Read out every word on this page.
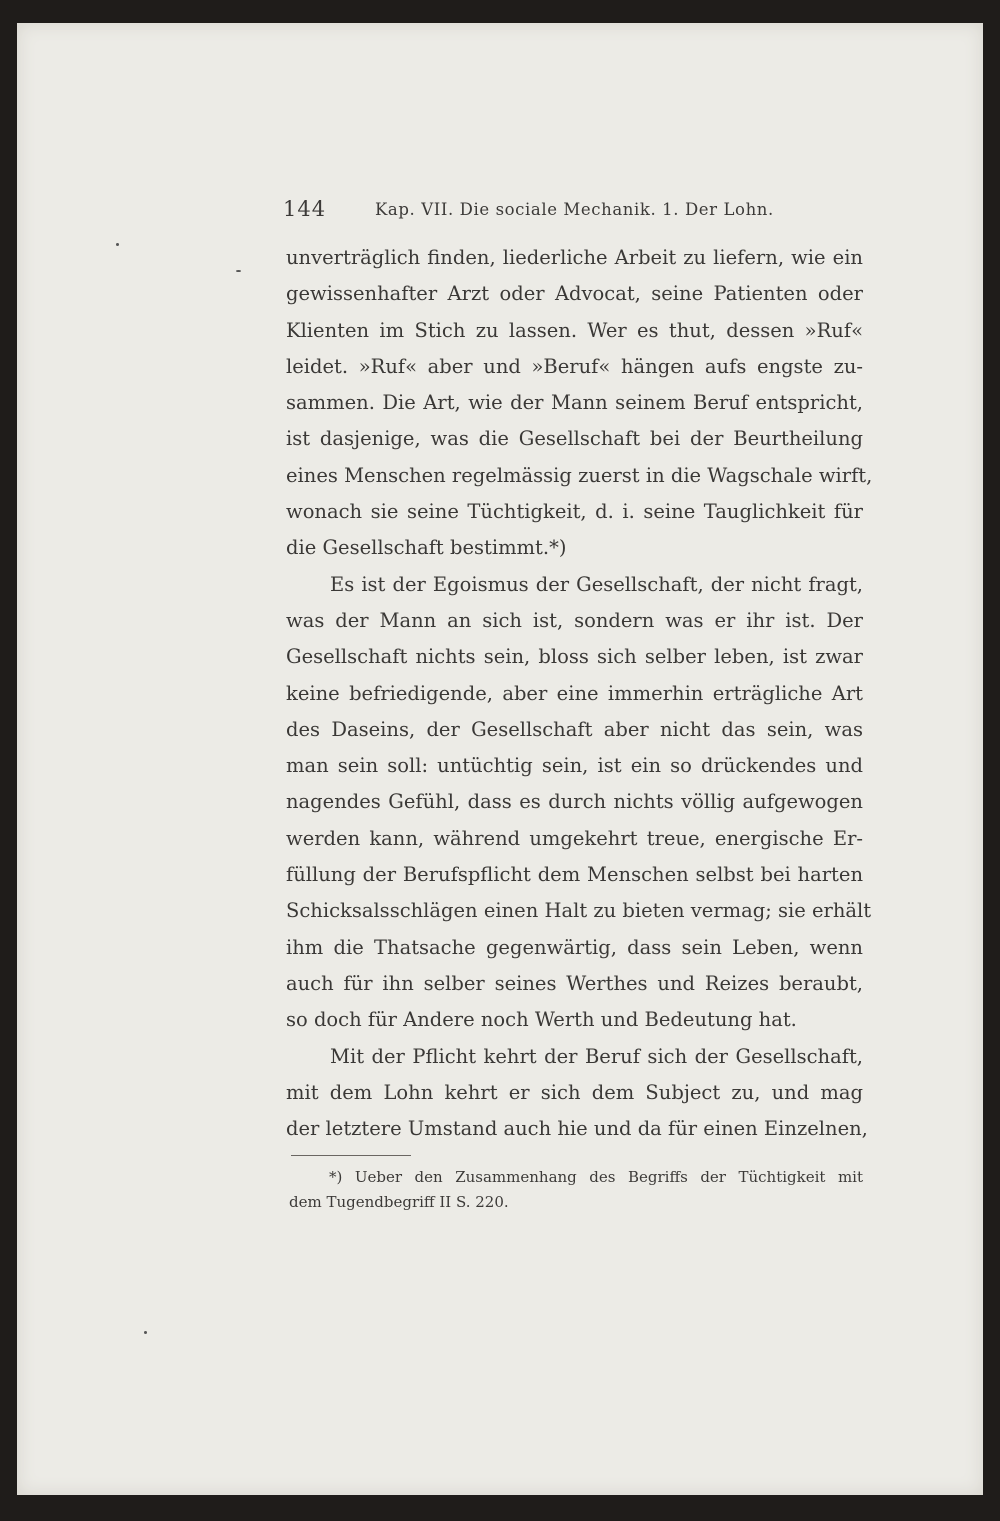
144	Kap. VII. Die sociale Mechanik. 1. Der Lohn.
unverträglich finden, liederliche Arbeit zu liefern, wie ein
gewissenhafter Arzt oder Advocat, seine Patienten oder
Klienten im Stich zu lassen. Wer es thut, dessen »Ruf«
leidet. »Ruf« aber und »Beruf« hängen aufs engste zu-
sammen. Die Art, wie der Mann seinem Beruf entspricht,
ist dasjenige, was die Gesellschaft bei der Beurtheilung
eines Menschen regelmässig zuerst in die Wagschale wirft,
wonach sie seine Tüchtigkeit, d. i. seine Tauglichkeit für
die Gesellschaft bestimmt.*)
Es ist der Egoismus der Gesellschaft, der nicht fragt,
was der Mann an sich ist, sondern was er ihr ist. Der
Gesellschaft nichts sein, bloss sich selber leben, ist zwar
keine befriedigende, aber eine immerhin erträgliche Art
des Daseins, der Gesellschaft aber nicht das sein, was
man sein soll: untüchtig sein, ist ein so drückendes und
nagendes Gefühl, dass es durch nichts völlig aufgewogen
werden kann, während umgekehrt treue, energische Er-
füllung der Berufspflicht dem Menschen selbst bei harten
Schicksalsschlägen einen Halt zu bieten vermag; sie erhält
ihm die Thatsache gegenwärtig, dass sein Leben, wenn
auch für ihn selber seines Werthes und Reizes beraubt,
so doch für Andere noch Werth und Bedeutung hat.
Mit der Pflicht kehrt der Beruf sich der Gesellschaft,
mit dem Lohn kehrt er sich dem Subject zu, und mag
der letztere Umstand auch hie und da für einen Einzelnen,
*) Ueber den Zusammenhang des Begriffs der Tüchtigkeit mit
dem Tugendbegriff II S. 220.
